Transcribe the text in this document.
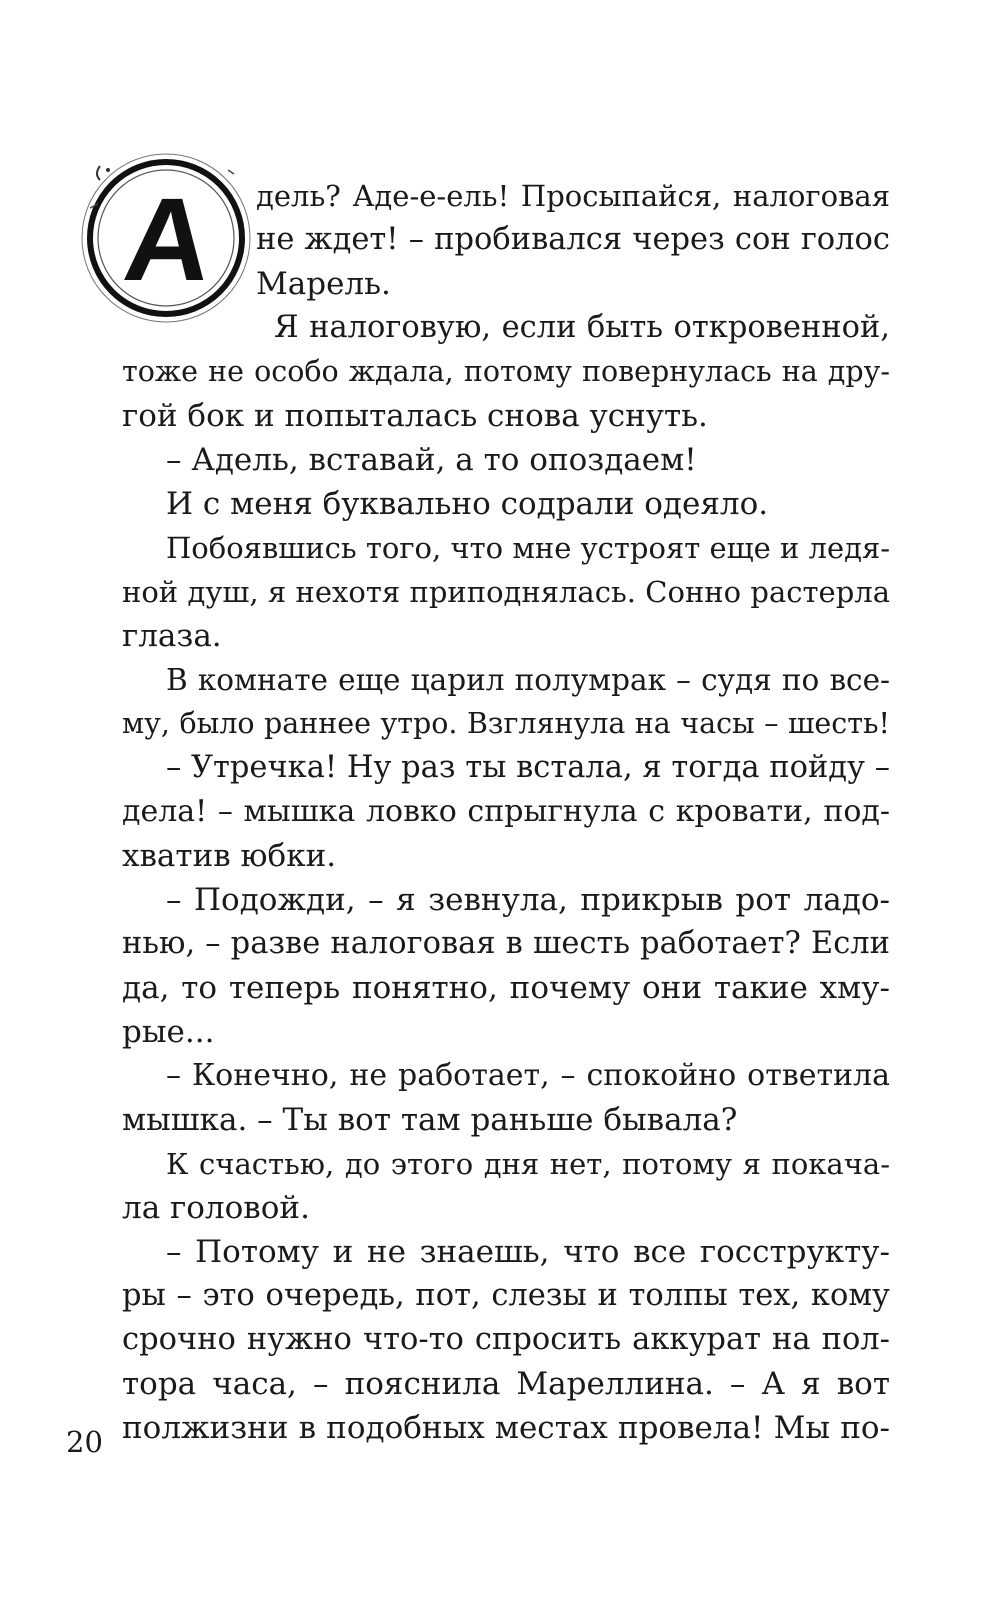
А	дель? Аде-е-ель! Просыпайся, налоговая
не ждет! – пробивался через сон голос
Марель.
Я налоговую, если быть откровенной,
тоже не особо ждала, потому повернулась на дру-
гой бок и попыталась снова уснуть.
– Адель, вставай, а то опоздаем!
И с меня буквально содрали одеяло.
Побоявшись того, что мне устроят еще и ледя-
ной душ, я нехотя приподнялась. Сонно растерла
глаза.
В комнате еще царил полумрак – судя по все-
му, было раннее утро. Взглянула на часы – шесть!
– Утречка! Ну раз ты встала, я тогда пойду –
дела! – мышка ловко спрыгнула с кровати, под-
хватив юбки.
– Подожди, – я зевнула, прикрыв рот ладо-
нью, – разве налоговая в шесть работает? Если
да, то теперь понятно, почему они такие хму-
рые...
– Конечно, не работает, – спокойно ответила
мышка. – Ты вот там раньше бывала?
К счастью, до этого дня нет, потому я покача-
ла головой.
– Потому и не знаешь, что все госструкту-
ры – это очередь, пот, слезы и толпы тех, кому
срочно нужно что-то спросить аккурат на пол-
тора часа, – пояснила Мареллина. – А я вот
полжизни в подобных местах провела! Мы по-
20
